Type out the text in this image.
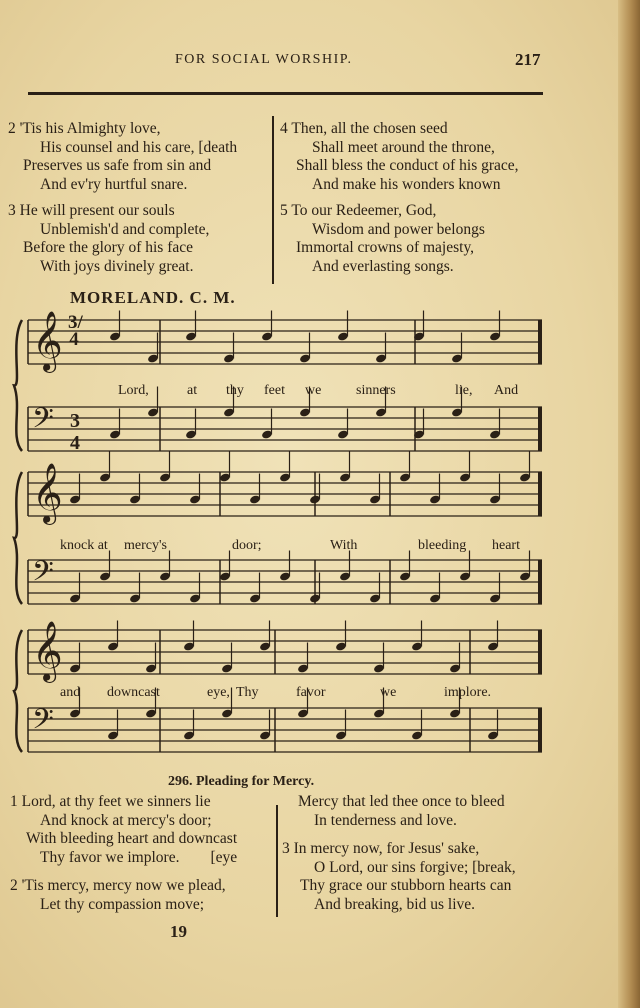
FOR SOCIAL WORSHIP.	217
2 'Tis his Almighty love,
His counsel and his care, [death
Preserves us safe from sin and
And ev'ry hurtful snare.
3 He will present our souls
Unblemish'd and complete,
Before the glory of his face
With joys divinely great.
4 Then, all the chosen seed
Shall meet around the throne,
Shall bless the conduct of his grace,
And make his wonders known
5 To our Redeemer, God,
Wisdom and power belongs
Immortal crowns of majesty,
And everlasting songs.
MORELAND. C. M.
𝄞
𝄢 3
4
𝄞
𝄢
𝄞
𝄢
3/4
Lord,	at thy feet we sinners	lie, And
knock at mercy's	door;	With	bleeding heart
and downcast	eye, Thy	favor	we	implore.
296. Pleading for Mercy.
1 Lord, at thy feet we sinners lie
And knock at mercy's door;
With bleeding heart and downcast
Thy favor we implore.        [eye
2 'Tis mercy, mercy now we plead,
Let thy compassion move;
Mercy that led thee once to bleed
In tenderness and love.
3 In mercy now, for Jesus' sake,
O Lord, our sins forgive; [break,
Thy grace our stubborn hearts can
And breaking, bid us live.
19
